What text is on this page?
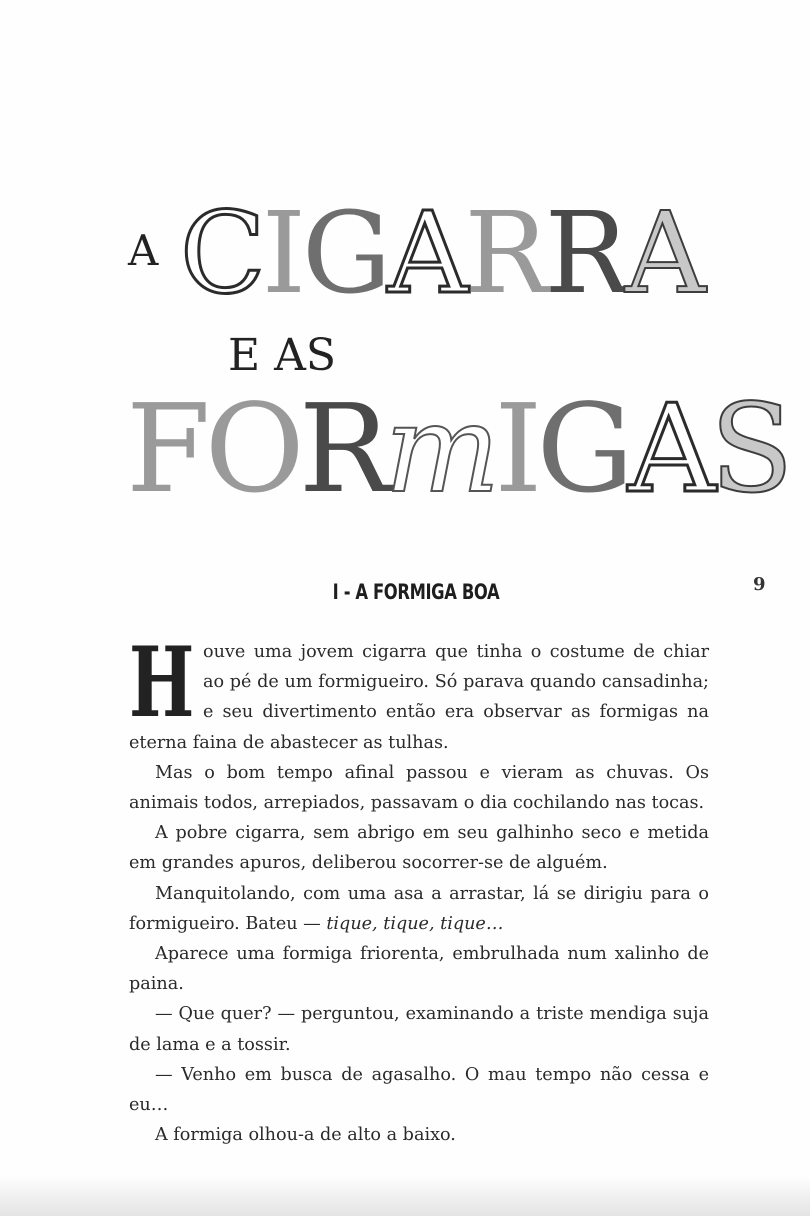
A CIGARRA
E AS
FORmIGAS
9
I - A FORMIGA BOA

Houve uma jovem cigarra que tinha o costume de chiar ao pé de um formigueiro. Só parava quando cansadinha; e seu divertimento então era observar as formigas na eterna faina de abastecer as tulhas.

Mas o bom tempo afinal passou e vieram as chuvas. Os animais todos, arrepiados, passavam o dia cochilando nas tocas.

A pobre cigarra, sem abrigo em seu galhinho seco e metida em grandes apuros, deliberou socorrer-se de alguém.

Manquitolando, com uma asa a arrastar, lá se dirigiu para o formigueiro. Bateu — tique, tique, tique…

Aparece uma formiga friorenta, embrulhada num xalinho de paina.

— Que quer? — perguntou, examinando a triste mendiga suja de lama e a tossir.

— Venho em busca de agasalho. O mau tempo não cessa e eu…

A formiga olhou-a de alto a baixo.
